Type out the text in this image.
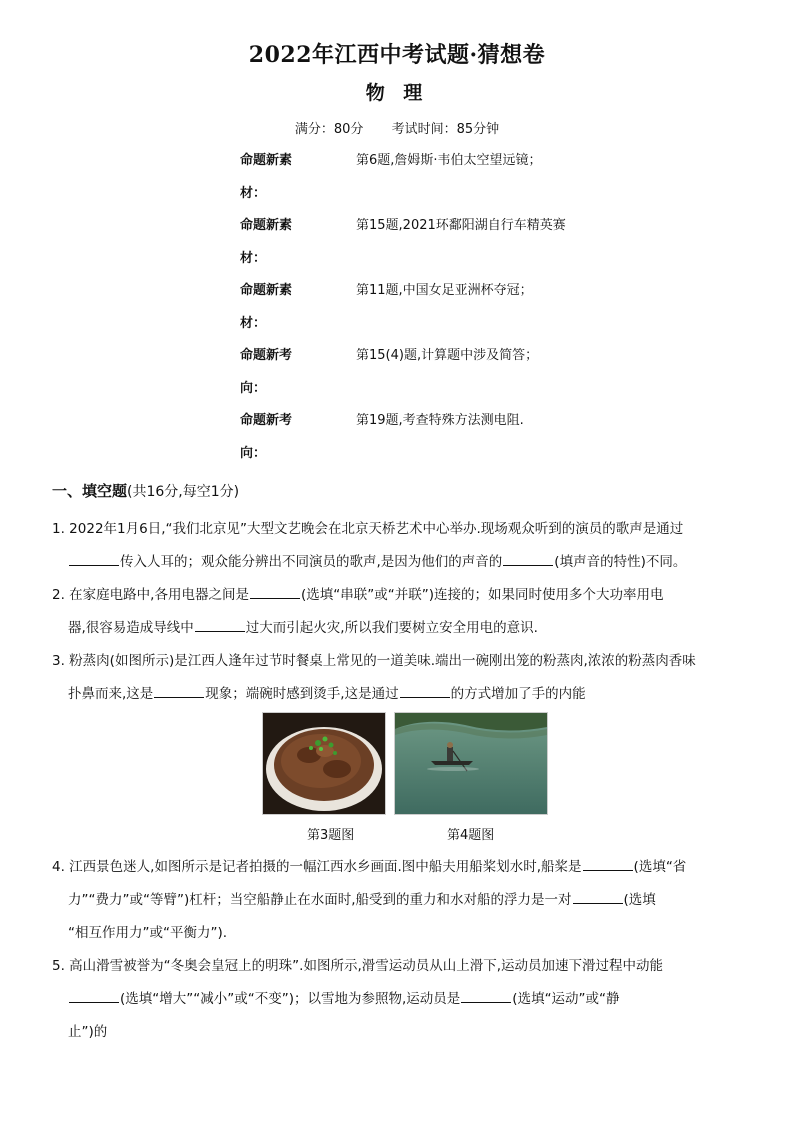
2022年江西中考试题·猜想卷
物 理
满分：80分 考试时间：85分钟
命题新素
材：
第6题,詹姆斯·韦伯太空望远镜；
命题新素
材：
第15题,2021环鄱阳湖自行车精英赛
命题新素
材：
第11题,中国女足亚洲杯夺冠；
命题新考
向：
第15(4)题,计算题中涉及简答；
命题新考
向：
第19题,考查特殊方法测电阻.
一、填空题(共16分,每空1分)
1. 2022年1月6日,“我们北京见”大型文艺晚会在北京天桥艺术中心举办.现场观众听到的演员的歌声是通过
传入人耳的；观众能分辨出不同演员的歌声,是因为他们的声音的	(填声音的特性)不同。
2. 在家庭电路中,各用电器之间是	(选填“串联”或“并联”)连接的；如果同时使用多个大功率用电
器,很容易造成导线中	过大而引起火灾,所以我们要树立安全用电的意识.
3. 粉蒸肉(如图所示)是江西人逢年过节时餐桌上常见的一道美味.端出一碗刚出笼的粉蒸肉,浓浓的粉蒸肉香味
扑鼻而来,这是	现象；端碗时感到烫手,这是通过	的方式增加了手的内能
第3题图	第4题图
4. 江西景色迷人,如图所示是记者拍摄的一幅江西水乡画面.图中船夫用船桨划水时,船桨是	(选填“省
力”“费力”或“等臂”)杠杆；当空船静止在水面时,船受到的重力和水对船的浮力是一对	(选填
“相互作用力”或“平衡力”).
5. 高山滑雪被誉为“冬奥会皇冠上的明珠”.如图所示,滑雪运动员从山上滑下,运动员加速下滑过程中动能
(选填“增大”“减小”或“不变”)；以雪地为参照物,运动员是	(选填“运动”或“静
止”)的
